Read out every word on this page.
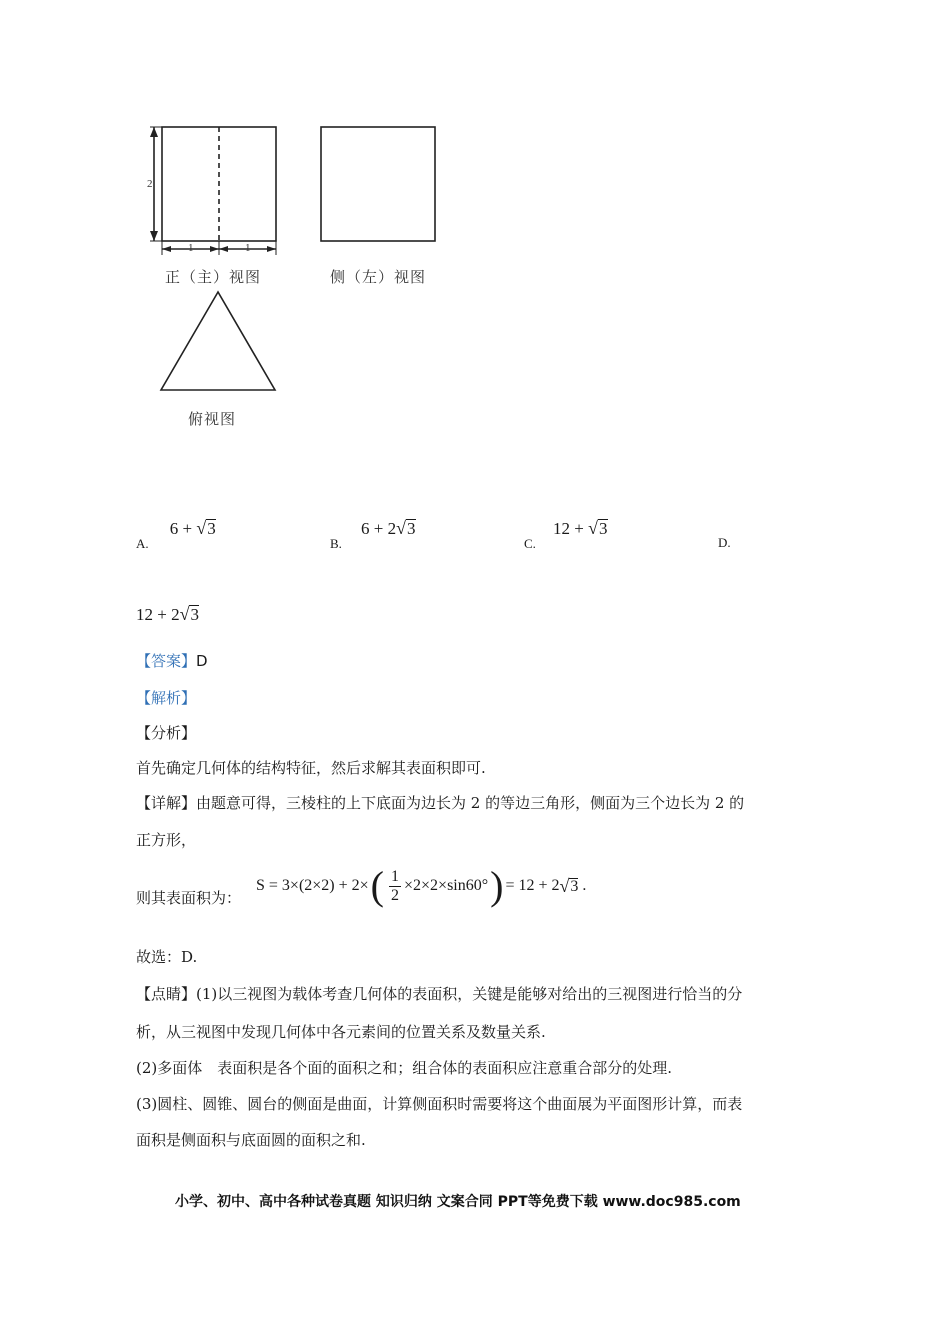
2
1	1
正（主）视图	侧（左）视图
俯视图
$_{A.}$ 6 + √3
$_{B.}$ 6 + 2√3
$_{C.}$ 12 + √3
D.
12 + 2√3
【答案】D
【解析】
【分析】
首先确定几何体的结构特征，然后求解其表面积即可.
【详解】由题意可得，三棱柱的上下底面为边长为 2 的等边三角形，侧面为三个边长为 2 的
正方形，
则其表面积为：
S = 3×(2×2) + 2× ( $\frac{1}{2} \times 2\times 2\times\sin 60^\circ$ ) = 12 + 2 √ 3 .
故选：D.
【点睛】(1)以三视图为载体考查几何体的表面积，关键是能够对给出的三视图进行恰当的分
析，从三视图中发现几何体中各元素间的位置关系及数量关系.
(2)多面体　表面积是各个面的面积之和；组合体的表面积应注意重合部分的处理.
(3)圆柱、圆锥、圆台的侧面是曲面，计算侧面积时需要将这个曲面展为平面图形计算，而表
面积是侧面积与底面圆的面积之和.
小学、初中、高中各种试卷真题 知识归纳 文案合同 PPT等免费下载 www.doc985.com
